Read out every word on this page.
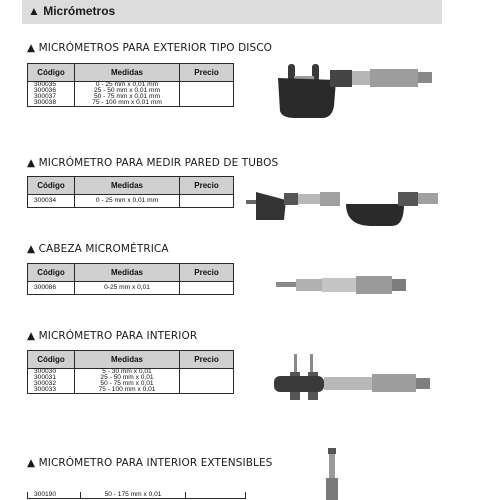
▲ Micrómetros
▲ MICRÓMETROS PARA EXTERIOR TIPO DISCO
Código	Medidas	Precio
300035	0 - 25 mm x 0,01 mm	
300036	25 - 50 mm x 0,01 mm	
300037	50 - 75 mm x 0,01 mm	
300038	75 - 100 mm x 0,01 mm	
▲ MICRÓMETRO PARA MEDIR PARED DE TUBOS
Código	Medidas	Precio
300034	0 - 25 mm x 0,01 mm	
▲ CABEZA MICROMÉTRICA
Código	Medidas	Precio
300086	0-25 mm x 0,01	
▲ MICRÓMETRO PARA INTERIOR
Código	Medidas	Precio
300030	5 - 30 mm x 0,01	
300031	25 - 50 mm x 0,01	
300032	50 - 75 mm x 0,01	
300033	75 - 100 mm x 0,01	
▲ MICRÓMETRO PARA INTERIOR EXTENSIBLES
300190	50 - 175 mm x 0,01	
